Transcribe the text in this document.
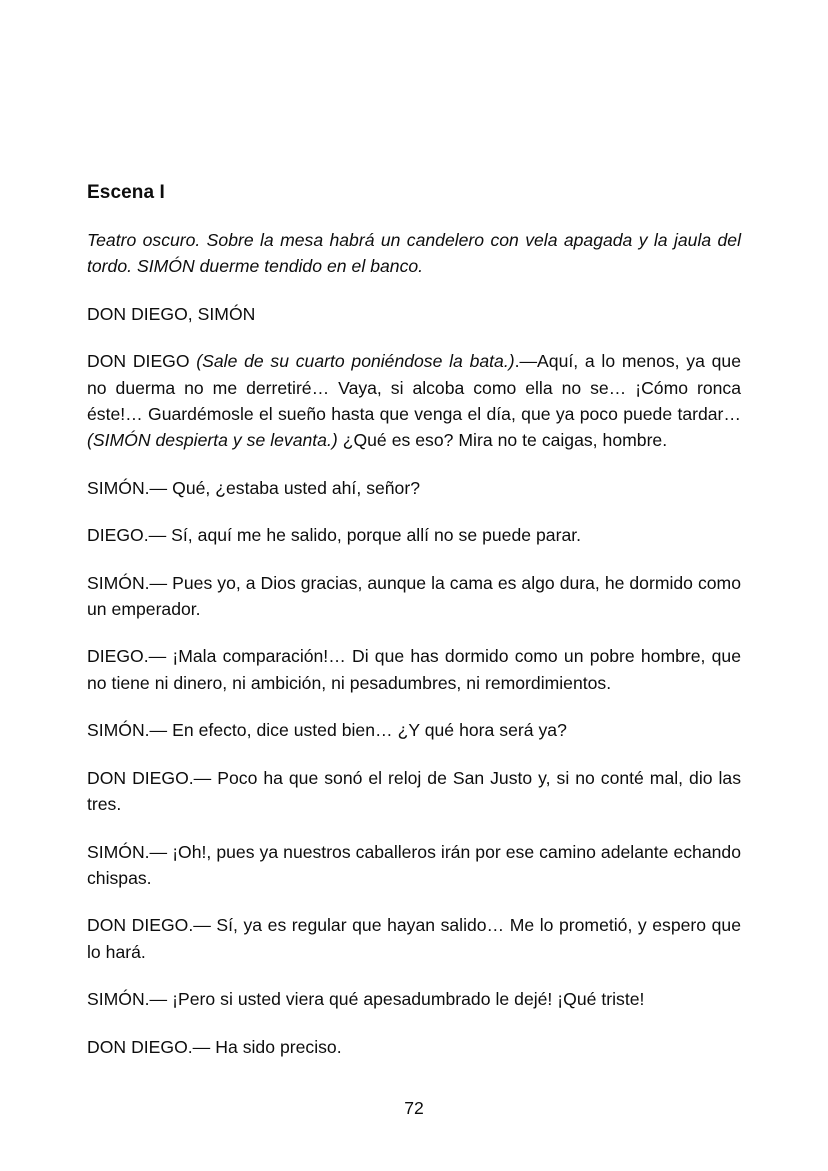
Escena I

Teatro oscuro. Sobre la mesa habrá un candelero con vela apagada y la jaula del tordo. SIMÓN duerme tendido en el banco.

DON DIEGO, SIMÓN

DON DIEGO (Sale de su cuarto poniéndose la bata.).—Aquí, a lo menos, ya que no duerma no me derretiré… Vaya, si alcoba como ella no se… ¡Cómo ronca éste!… Guardémosle el sueño hasta que venga el día, que ya poco puede tardar… (SIMÓN despierta y se levanta.) ¿Qué es eso? Mira no te caigas, hombre.

SIMÓN.— Qué, ¿estaba usted ahí, señor?

DIEGO.— Sí, aquí me he salido, porque allí no se puede parar.

SIMÓN.— Pues yo, a Dios gracias, aunque la cama es algo dura, he dormido como un emperador.

DIEGO.— ¡Mala comparación!… Di que has dormido como un pobre hombre, que no tiene ni dinero, ni ambición, ni pesadumbres, ni remordimientos.

SIMÓN.— En efecto, dice usted bien… ¿Y qué hora será ya?

DON DIEGO.— Poco ha que sonó el reloj de San Justo y, si no conté mal, dio las tres.

SIMÓN.— ¡Oh!, pues ya nuestros caballeros irán por ese camino adelante echando chispas.

DON DIEGO.— Sí, ya es regular que hayan salido… Me lo prometió, y espero que lo hará.

SIMÓN.— ¡Pero si usted viera qué apesadumbrado le dejé! ¡Qué triste!

DON DIEGO.— Ha sido preciso.

72
